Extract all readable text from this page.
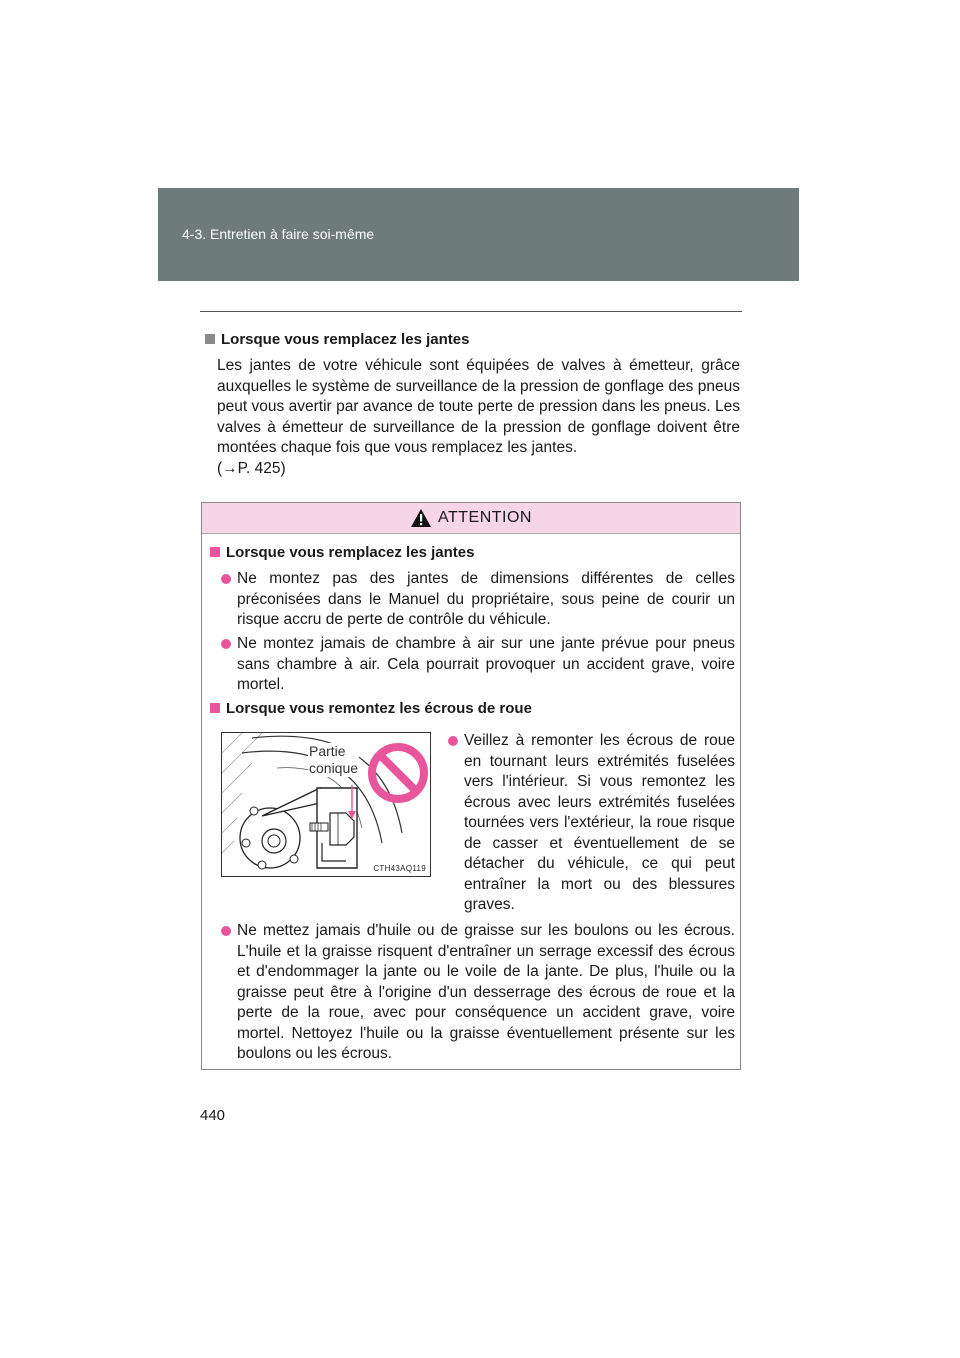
4-3. Entretien à faire soi-même
Lorsque vous remplacez les jantes
Les jantes de votre véhicule sont équipées de valves à émetteur, grâce auxquelles le système de surveillance de la pression de gonflage des pneus peut vous avertir par avance de toute perte de pression dans les pneus. Les valves à émetteur de surveillance de la pression de gonflage doivent être montées chaque fois que vous remplacez les jantes.
(→P. 425)
ATTENTION
Lorsque vous remplacez les jantes
Ne montez pas des jantes de dimensions différentes de celles préconisées dans le Manuel du propriétaire, sous peine de courir un risque accru de perte de contrôle du véhicule.
Ne montez jamais de chambre à air sur une jante prévue pour pneus sans chambre à air. Cela pourrait provoquer un accident grave, voire mortel.
Lorsque vous remontez les écrous de roue
Partie
conique
CTH43AQ119
Veillez à remonter les écrous de roue en tournant leurs extrémités fuselées vers l'intérieur. Si vous remontez les écrous avec leurs extrémités fuselées tournées vers l'extérieur, la roue risque de casser et éventuellement de se détacher du véhicule, ce qui peut entraîner la mort ou des blessures graves.
Ne mettez jamais d'huile ou de graisse sur les boulons ou les écrous. L'huile et la graisse risquent d'entraîner un serrage excessif des écrous et d'endommager la jante ou le voile de la jante. De plus, l'huile ou la graisse peut être à l'origine d'un desserrage des écrous de roue et la perte de la roue, avec pour conséquence un accident grave, voire mortel. Nettoyez l'huile ou la graisse éventuellement présente sur les boulons ou les écrous.
440
